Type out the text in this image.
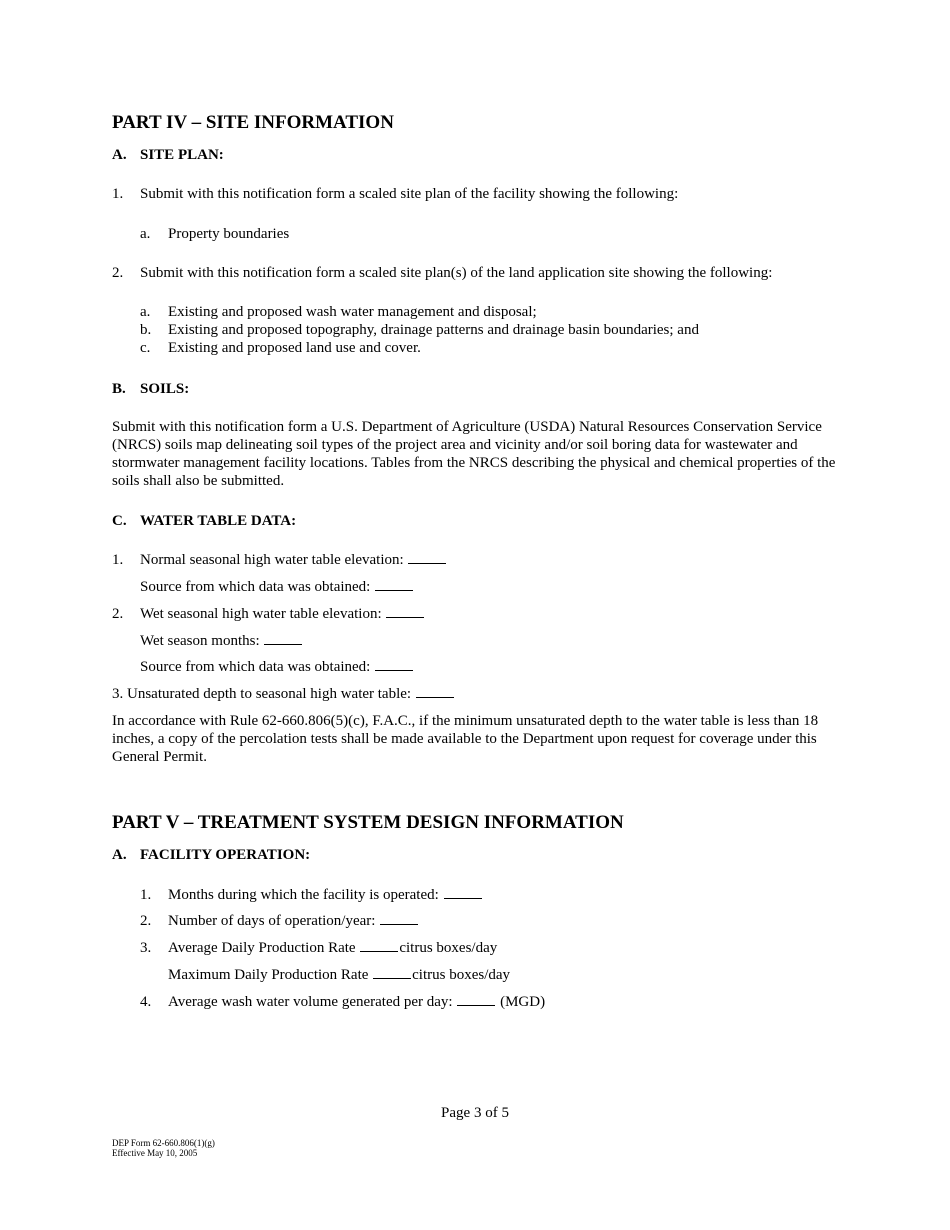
PART IV – SITE INFORMATION
A. SITE PLAN:
1. Submit with this notification form a scaled site plan of the facility showing the following:
a. Property boundaries
2. Submit with this notification form a scaled site plan(s) of the land application site showing the following:
a. Existing and proposed wash water management and disposal;
b. Existing and proposed topography, drainage patterns and drainage basin boundaries; and
c. Existing and proposed land use and cover.
B. SOILS:
Submit with this notification form a U.S. Department of Agriculture (USDA) Natural Resources Conservation Service (NRCS) soils map delineating soil types of the project area and vicinity and/or soil boring data for wastewater and stormwater management facility locations. Tables from the NRCS describing the physical and chemical properties of the soils shall also be submitted.
C. WATER TABLE DATA:
1. Normal seasonal high water table elevation:
Source from which data was obtained:
2. Wet seasonal high water table elevation:
Wet season months:
Source from which data was obtained:
3. Unsaturated depth to seasonal high water table:
In accordance with Rule 62-660.806(5)(c), F.A.C., if the minimum unsaturated depth to the water table is less than 18 inches, a copy of the percolation tests shall be made available to the Department upon request for coverage under this General Permit.
PART V – TREATMENT SYSTEM DESIGN INFORMATION
A. FACILITY OPERATION:
1. Months during which the facility is operated:
2. Number of days of operation/year:
3. Average Daily Production Rate	citrus boxes/day
Maximum Daily Production Rate	citrus boxes/day
4. Average wash water volume generated per day:	(MGD)
Page 3 of 5
DEP Form 62-660.806(1)(g)
Effective May 10, 2005
